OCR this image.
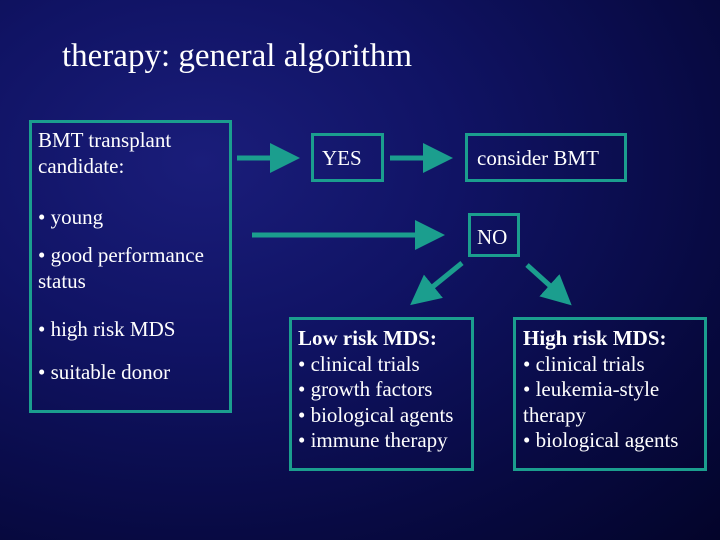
therapy: general algorithm
BMT transplant candidate:
• young
• good performance status
• high risk MDS
• suitable donor
YES	consider BMT
NO
Low risk MDS:
• clinical trials
• growth factors
• biological agents
• immune therapy
High risk MDS:
• clinical trials
• leukemia-style therapy
• biological agents
